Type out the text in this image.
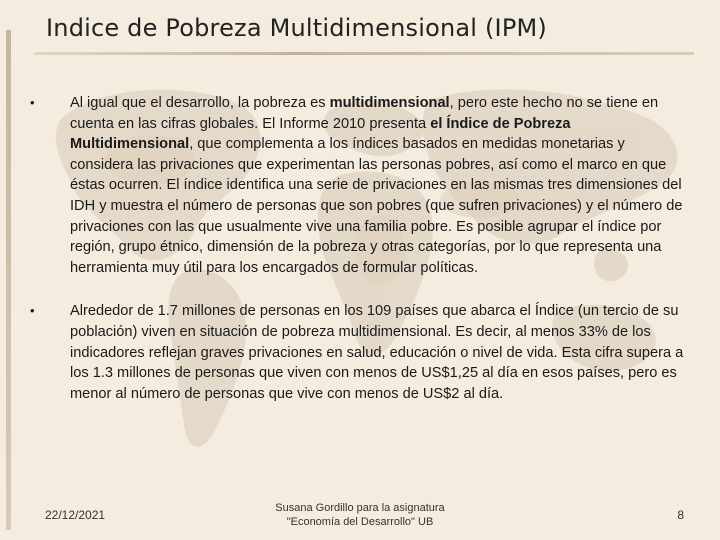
Indice de Pobreza Multidimensional (IPM)
• Al igual que el desarrollo, la pobreza es multidimensional, pero este hecho no se tiene en cuenta en las cifras globales. El Informe 2010 presenta el Índice de Pobreza Multidimensional, que complementa a los índices basados en medidas monetarias y considera las privaciones que experimentan las personas pobres, así como el marco en que éstas ocurren. El índice identifica una serie de privaciones en las mismas tres dimensiones del IDH y muestra el número de personas que son pobres (que sufren privaciones) y el número de privaciones con las que usualmente vive una familia pobre. Es posible agrupar el índice por región, grupo étnico, dimensión de la pobreza y otras categorías, por lo que representa una herramienta muy útil para los encargados de formular políticas.
• Alrededor de 1.7 millones de personas en los 109 países que abarca el Índice (un tercio de su población) viven en situación de pobreza multidimensional. Es decir, al menos 33% de los indicadores reflejan graves privaciones en salud, educación o nivel de vida. Esta cifra supera a los 1.3 millones de personas que viven con menos de US$1,25 al día en esos países, pero es menor al número de personas que vive con menos de US$2 al día.
22/12/2021	Susana Gordillo para la asignatura
"Economía del Desarrollo" UB	8
